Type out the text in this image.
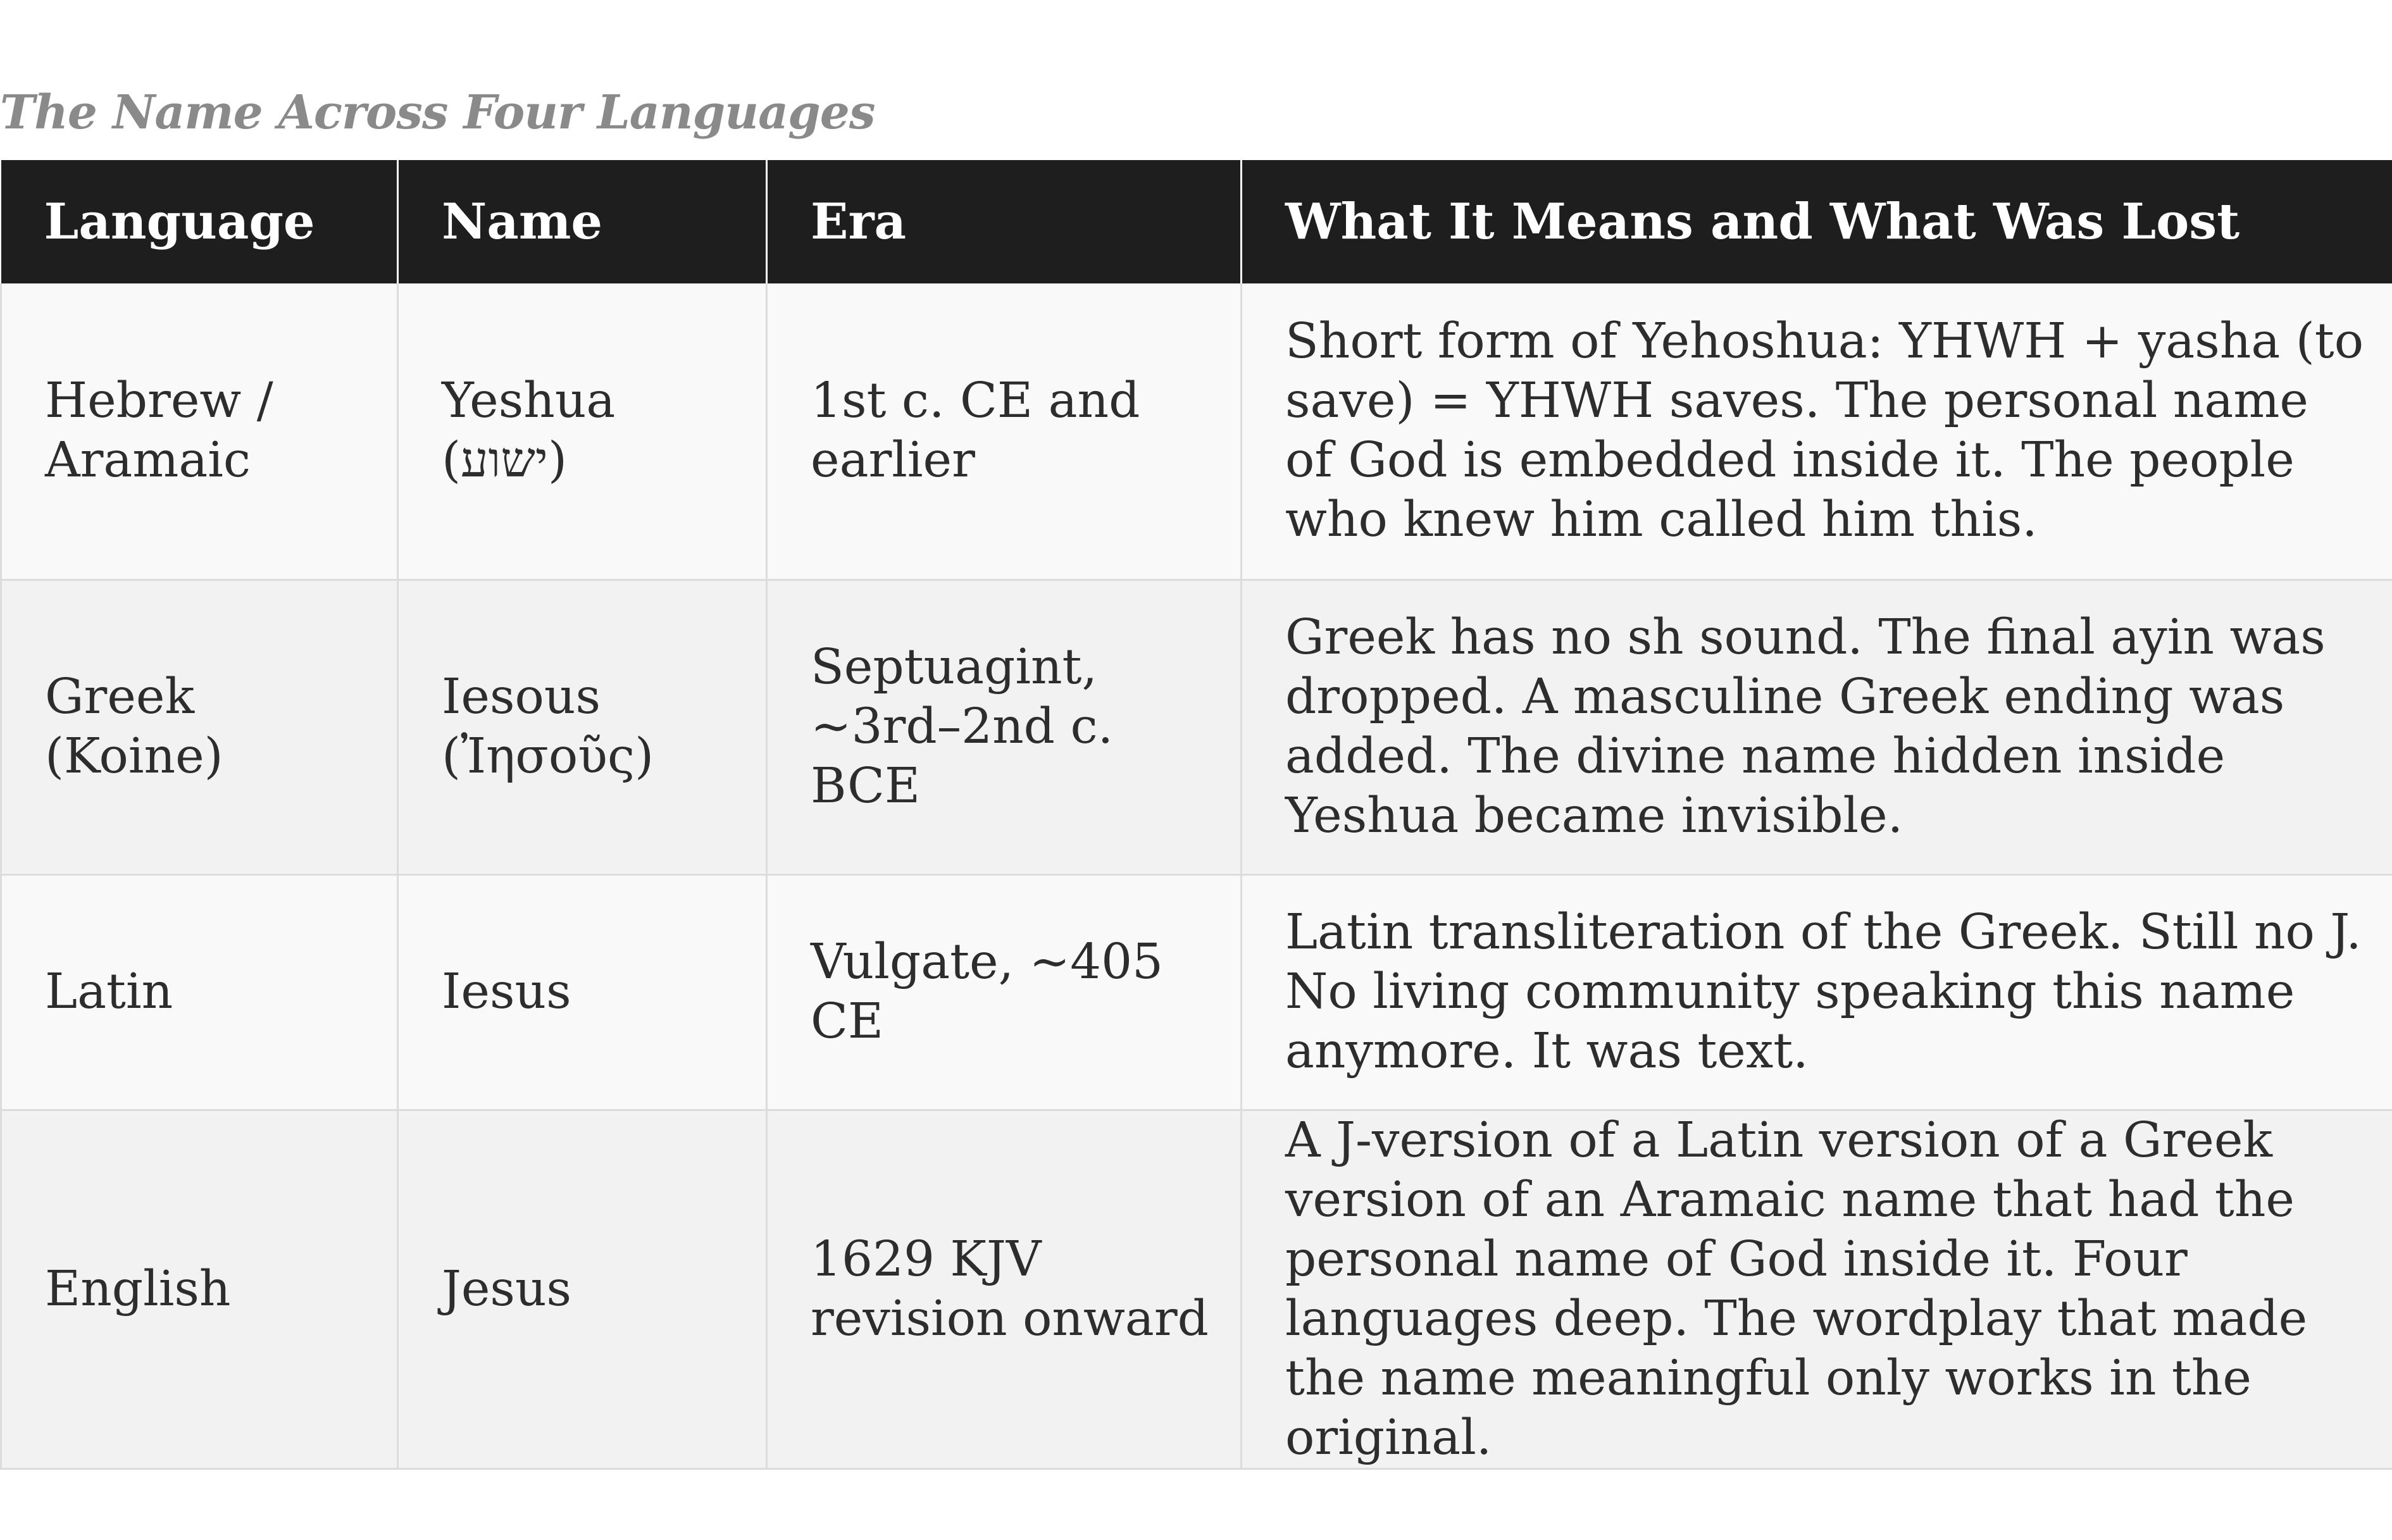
The Name Across Four Languages
Language	Name	Era	What It Means and What Was Lost
Hebrew / Aramaic	Yeshua (ישוע)	1st c. CE and earlier	Short form of Yehoshua: YHWH + yasha (to save) = YHWH saves. The personal name of God is embedded inside it. The people who knew him called him this.
Greek (Koine)	Iesous (Ἰησοῦς)	Septuagint, ~3rd–2nd c. BCE	Greek has no sh sound. The final ayin was dropped. A masculine Greek ending was added. The divine name hidden inside Yeshua became invisible.
Latin	Iesus	Vulgate, ~405 CE	Latin transliteration of the Greek. Still no J. No living community speaking this name anymore. It was text.
English	Jesus	1629 KJV revision onward	A J-version of a Latin version of a Greek version of an Aramaic name that had the personal name of God inside it. Four languages deep. The wordplay that made the name meaningful only works in the original.
